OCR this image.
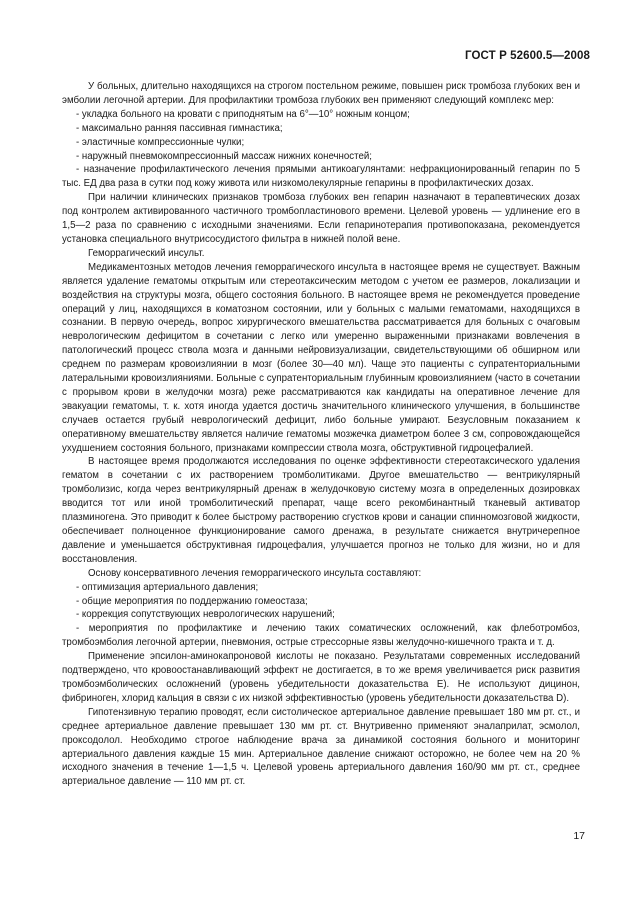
ГОСТ Р 52600.5—2008

У больных, длительно находящихся на строгом постельном режиме, повышен риск тромбоза глубоких вен и эмболии легочной артерии. Для профилактики тромбоза глубоких вен применяют следующий комплекс мер:

- укладка больного на кровати с приподнятым на 6°—10° ножным концом;

- максимально ранняя пассивная гимнастика;

- эластичные компрессионные чулки;

- наружный пневмокомпрессионный массаж нижних конечностей;

- назначение профилактического лечения прямыми антикоагулянтами: нефракционированный гепарин по 5 тыс. ЕД два раза в сутки под кожу живота или низкомолекулярные гепарины в профилактических дозах.

При наличии клинических признаков тромбоза глубоких вен гепарин назначают в терапевтических дозах под контролем активированного частичного тромбопластинового времени. Целевой уровень — удлинение его в 1,5—2 раза по сравнению с исходными значениями. Если гепаринотерапия противопоказана, рекомендуется установка специального внутрисосудистого фильтра в нижней полой вене.

Геморрагический инсульт.

Медикаментозных методов лечения геморрагического инсульта в настоящее время не существует. Важным является удаление гематомы открытым или стереотаксическим методом с учетом ее размеров, локализации и воздействия на структуры мозга, общего состояния больного. В настоящее время не рекомендуется проведение операций у лиц, находящихся в коматозном состоянии, или у больных с малыми гематомами, находящихся в сознании. В первую очередь, вопрос хирургического вмешательства рассматривается для больных с очаговым неврологическим дефицитом в сочетании с легко или умеренно выраженными признаками вовлечения в патологический процесс ствола мозга и данными нейровизуализации, свидетельствующими об обширном или среднем по размерам кровоизлиянии в мозг (более 30—40 мл). Чаще это пациенты с супратенториальными латеральными кровоизлияниями. Больные с супратенториальным глубинным кровоизлиянием (часто в сочетании с прорывом крови в желудочки мозга) реже рассматриваются как кандидаты на оперативное лечение для эвакуации гематомы, т. к. хотя иногда удается достичь значительного клинического улучшения, в большинстве случаев остается грубый неврологический дефицит, либо больные умирают. Безусловным показанием к оперативному вмешательству является наличие гематомы мозжечка диаметром более 3 см, сопровождающейся ухудшением состояния больного, признаками компрессии ствола мозга, обструктивной гидроцефалией.

В настоящее время продолжаются исследования по оценке эффективности стереотаксического удаления гематом в сочетании с их растворением тромболитиками. Другое вмешательство — вентрикулярный тромболизис, когда через вентрикулярный дренаж в желудочковую систему мозга в определенных дозировках вводится тот или иной тромболитический препарат, чаще всего рекомбинантный тканевый активатор плазминогена. Это приводит к более быстрому растворению сгустков крови и санации спинномозговой жидкости, обеспечивает полноценное функционирование самого дренажа, в результате снижается внутричерепное давление и уменьшается обструктивная гидроцефалия, улучшается прогноз не только для жизни, но и для восстановления.

Основу консервативного лечения геморрагического инсульта составляют:

- оптимизация артериального давления;

- общие мероприятия по поддержанию гомеостаза;

- коррекция сопутствующих неврологических нарушений;

- мероприятия по профилактике и лечению таких соматических осложнений, как флеботромбоз, тромбоэмболия легочной артерии, пневмония, острые стрессорные язвы желудочно-кишечного тракта и т. д.

Применение эпсилон-аминокапроновой кислоты не показано. Результатами современных исследований подтверждено, что кровоостанавливающий эффект не достигается, в то же время увеличивается риск развития тромбоэмболических осложнений (уровень убедительности доказательства Е). Не используют дицинон, фибриноген, хлорид кальция в связи с их низкой эффективностью (уровень убедительности доказательства D).

Гипотензивную терапию проводят, если систолическое артериальное давление превышает 180 мм рт. ст., и среднее артериальное давление превышает 130 мм рт. ст. Внутривенно применяют эналаприлат, эсмолол, проксодолол. Необходимо строгое наблюдение врача за динамикой состояния больного и мониторинг артериального давления каждые 15 мин. Артериальное давление снижают осторожно, не более чем на 20 % исходного значения в течение 1—1,5 ч. Целевой уровень артериального давления 160/90 мм рт. ст., среднее артериальное давление — 110 мм рт. ст.

17
